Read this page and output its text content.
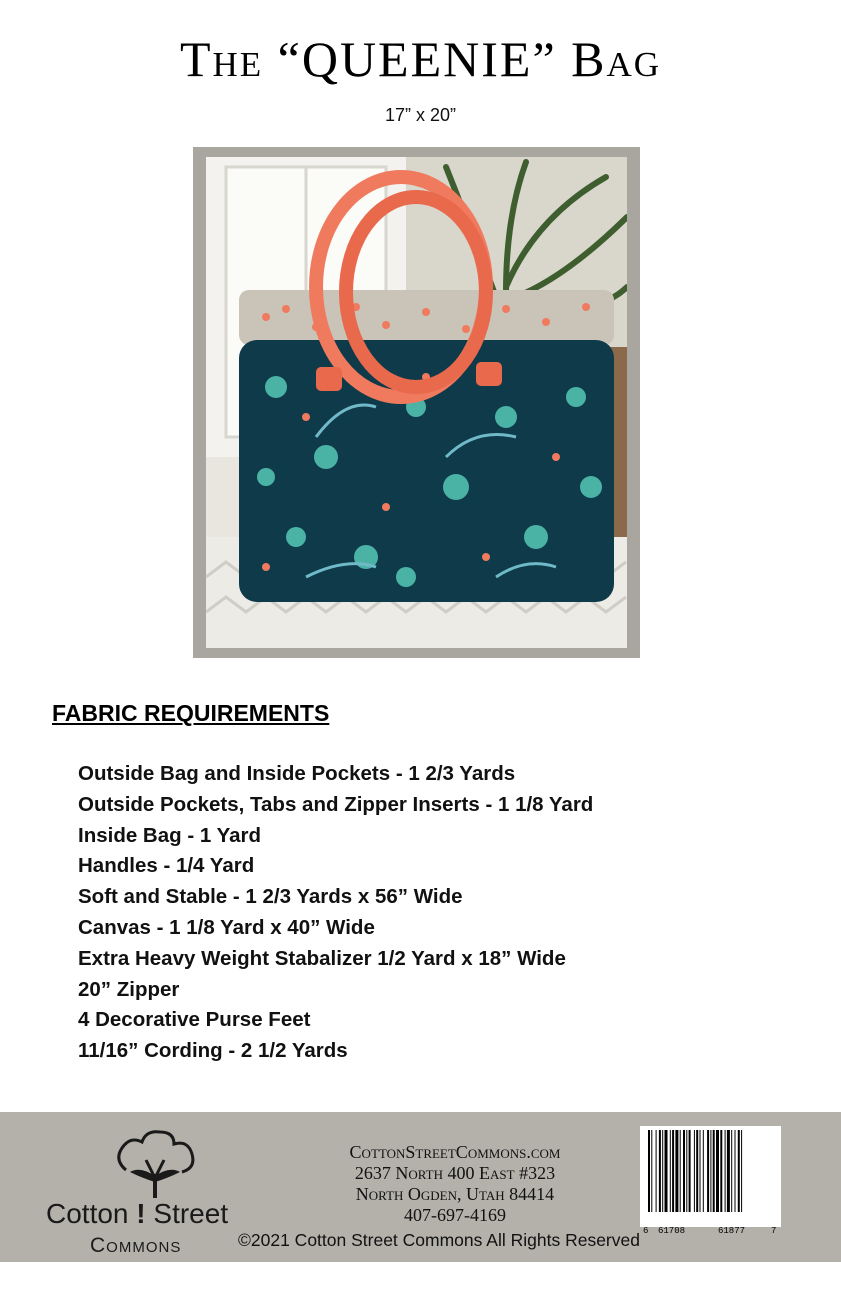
The “QUEENIE” Bag
17” x 20”
FABRIC REQUIREMENTS
Outside Bag and Inside Pockets - 1 2/3 Yards
Outside Pockets, Tabs and Zipper Inserts - 1 1/8 Yard
Inside Bag - 1 Yard
Handles - 1/4 Yard
Soft and Stable - 1 2/3 Yards x 56” Wide
Canvas - 1 1/8 Yard x 40” Wide
Extra Heavy Weight Stabalizer 1/2 Yard x 18” Wide
20” Zipper
4 Decorative Purse Feet
11/16” Cording - 2 1/2 Yards
Cotton ǃ Street
Commons
CottonStreetCommons.com
2637 North 400 East #323
North Ogden, Utah 84414
407-697-4169
©2021 Cotton Street Commons All Rights Reserved 6 61708	61877	7
